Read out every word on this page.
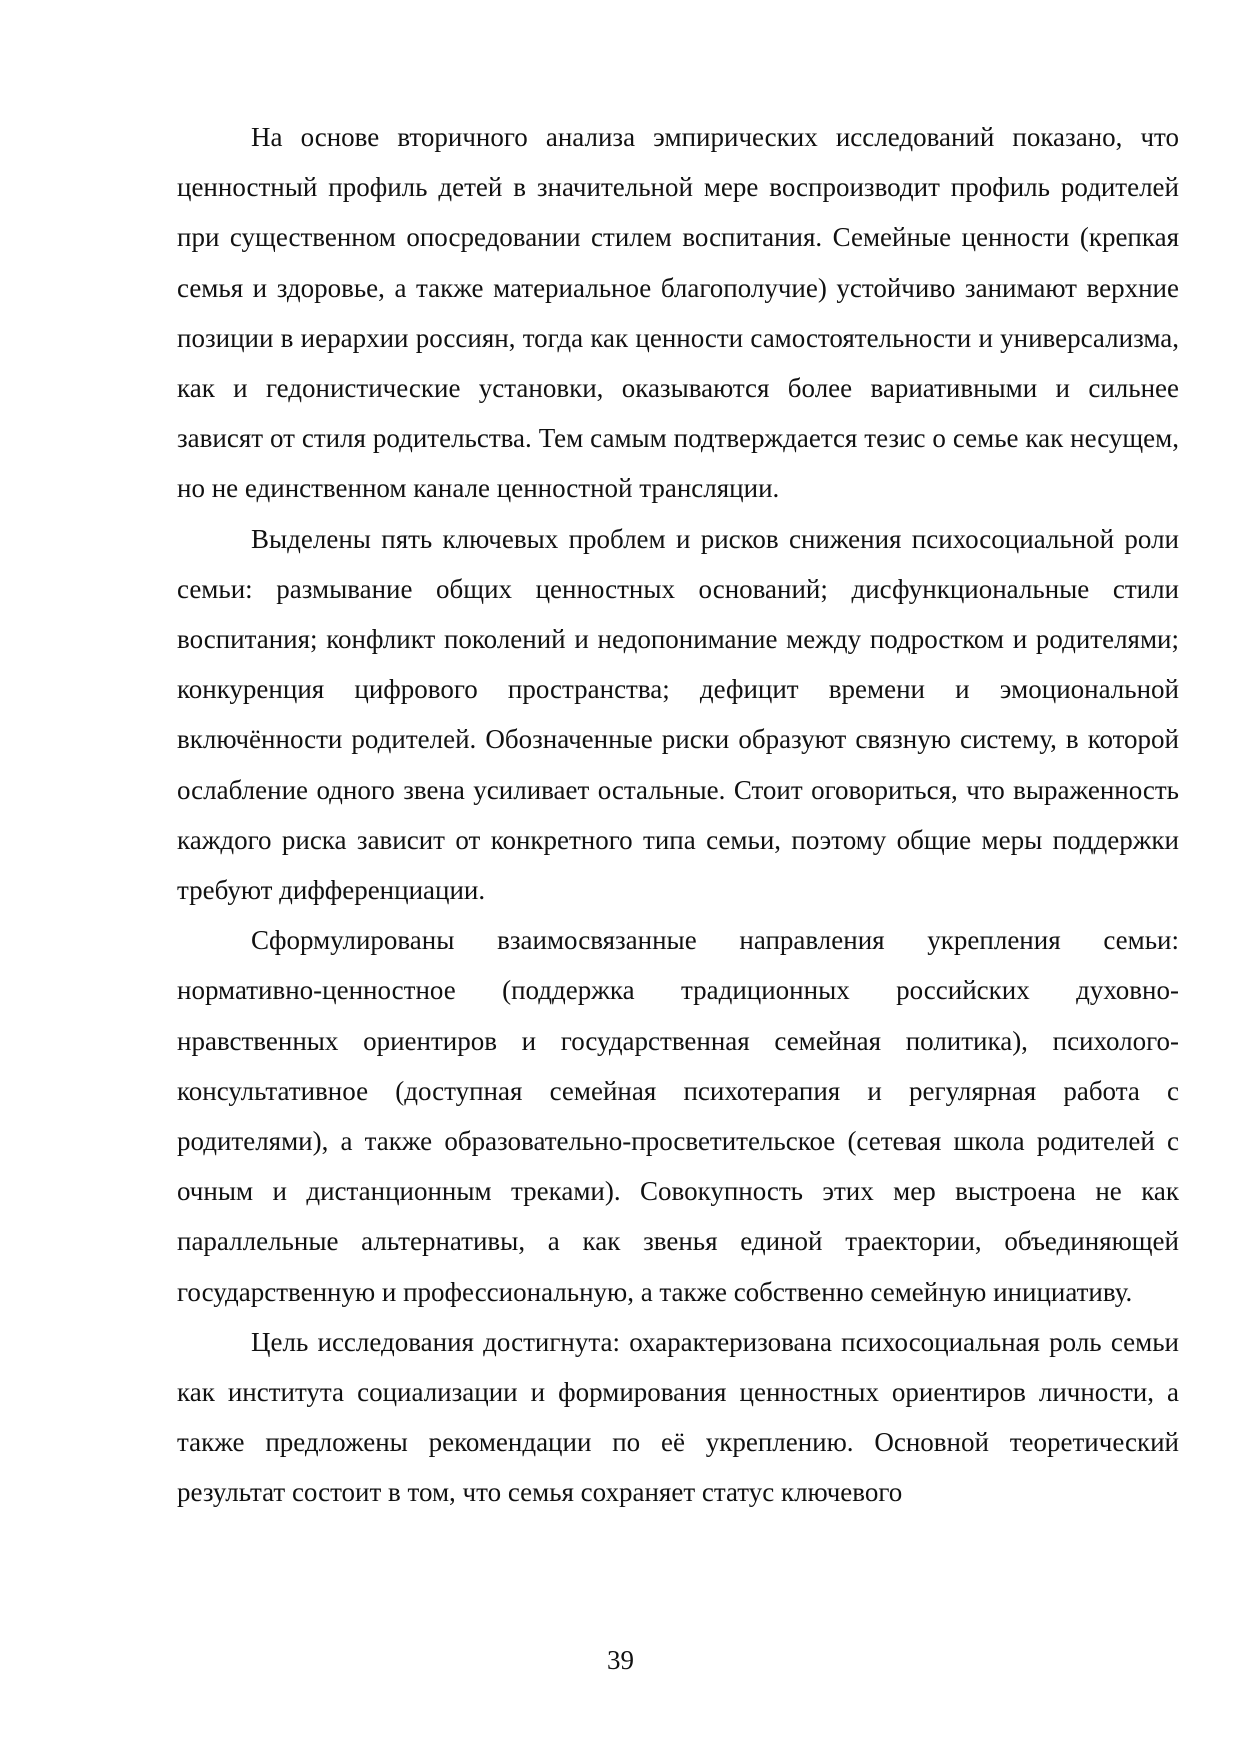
На основе вторичного анализа эмпирических исследований показано, что ценностный профиль детей в значительной мере воспроизводит профиль родителей при существенном опосредовании стилем воспитания. Семейные ценности (крепкая семья и здоровье, а также материальное благополучие) устойчиво занимают верхние позиции в иерархии россиян, тогда как ценности самостоятельности и универсализма, как и гедонистические установки, оказываются более вариативными и сильнее зависят от стиля родительства. Тем самым подтверждается тезис о семье как несущем, но не единственном канале ценностной трансляции.

Выделены пять ключевых проблем и рисков снижения психосоциальной роли семьи: размывание общих ценностных оснований; дисфункциональные стили воспитания; конфликт поколений и недопонимание между подростком и родителями; конкуренция цифрового пространства; дефицит времени и эмоциональной включённости родителей. Обозначенные риски образуют связную систему, в которой ослабление одного звена усиливает остальные. Стоит оговориться, что выраженность каждого риска зависит от конкретного типа семьи, поэтому общие меры поддержки требуют дифференциации.

Сформулированы взаимосвязанные направления укрепления семьи: нормативно-ценностное (поддержка традиционных российских духовно-нравственных ориентиров и государственная семейная политика), психолого-консультативное (доступная семейная психотерапия и регулярная работа с родителями), а также образовательно-просветительское (сетевая школа родителей с очным и дистанционным треками). Совокупность этих мер выстроена не как параллельные альтернативы, а как звенья единой траектории, объединяющей государственную и профессиональную, а также собственно семейную инициативу.

Цель исследования достигнута: охарактеризована психосоциальная роль семьи как института социализации и формирования ценностных ориентиров личности, а также предложены рекомендации по её укреплению. Основной теоретический результат состоит в том, что семья сохраняет статус ключевого

39
